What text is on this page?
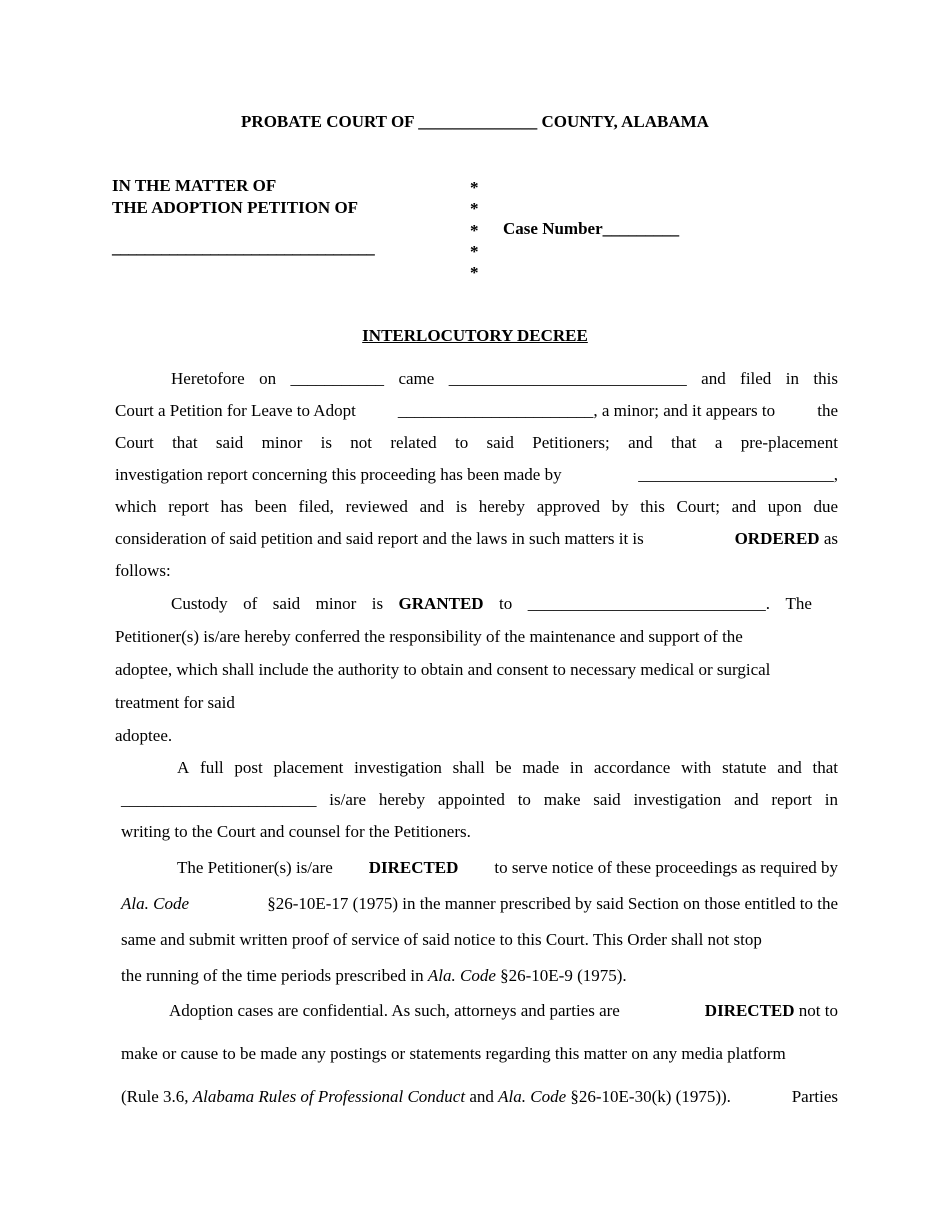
PROBATE COURT OF ______________ COUNTY, ALABAMA
IN THE MATTER OF
THE ADOPTION PETITION OF
________________________________
*
*
*
*
*
Case Number_________
INTERLOCUTORY DECREE
Heretofore on ___________ came ____________________________ and filed in this
Court a Petition for Leave to Adopt _______________________, a minor; and it appears to the
Court that said minor is not related to said Petitioners; and that a pre-placement
investigation report concerning this proceeding has been made by	_______________________,
which report has been filed, reviewed and is hereby approved by this Court; and upon due
consideration of said petition and said report and the laws in such matters it is	ORDERED as
follows:
Custody of said minor is GRANTED to ____________________________. The
Petitioner(s) is/are hereby conferred the responsibility of the maintenance and support of the
adoptee, which shall include the authority to obtain and consent to necessary medical or surgical
treatment for said
adoptee.
A full post placement investigation shall be made in accordance with statute and that
_______________________ is/are hereby appointed to make said investigation and report in
writing to the Court and counsel for the Petitioners.
The Petitioner(s) is/are DIRECTED to serve notice of these proceedings as required by
Ala. Code	§26-10E-17 (1975) in the manner prescribed by said Section on those entitled to the
same and submit written proof of service of said notice to this Court. This Order shall not stop
the running of the time periods prescribed in Ala. Code §26-10E-9 (1975).
Adoption cases are confidential. As such, attorneys and parties are	DIRECTED not to
make or cause to be made any postings or statements regarding this matter on any media platform
(Rule 3.6, Alabama Rules of Professional Conduct and Ala. Code §26-10E-30(k) (1975)).	Parties
